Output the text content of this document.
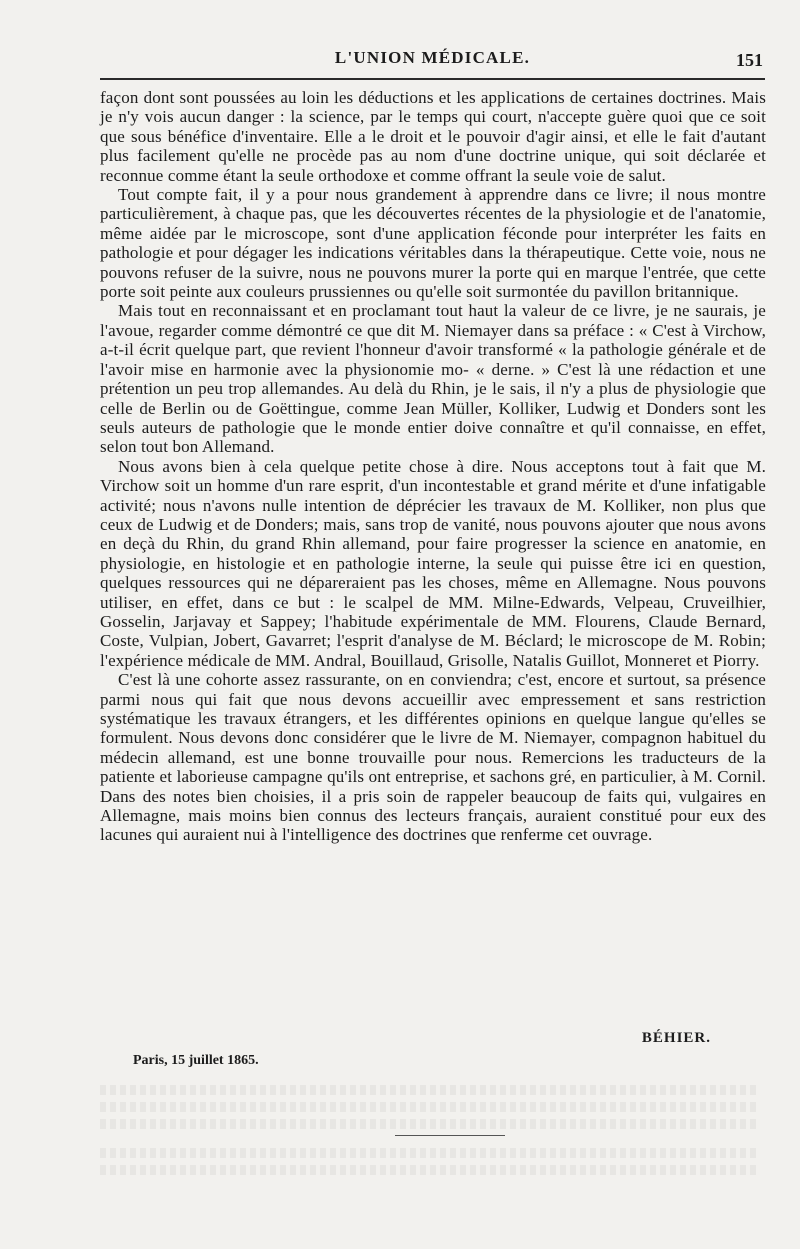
L'UNION MÉDICALE.	151

façon dont sont poussées au loin les déductions et les applications de certaines doctrines. Mais je n'y vois aucun danger : la science, par le temps qui court, n'accepte guère quoi que ce soit que sous bénéfice d'inventaire. Elle a le droit et le pouvoir d'agir ainsi, et elle le fait d'autant plus facilement qu'elle ne procède pas au nom d'une doctrine unique, qui soit déclarée et reconnue comme étant la seule orthodoxe et comme offrant la seule voie de salut.

Tout compte fait, il y a pour nous grandement à apprendre dans ce livre; il nous montre particulièrement, à chaque pas, que les découvertes récentes de la physiologie et de l'anatomie, même aidée par le microscope, sont d'une application féconde pour interpréter les faits en pathologie et pour dégager les indications véritables dans la thérapeutique. Cette voie, nous ne pouvons refuser de la suivre, nous ne pouvons murer la porte qui en marque l'entrée, que cette porte soit peinte aux couleurs prussiennes ou qu'elle soit surmontée du pavillon britannique.

Mais tout en reconnaissant et en proclamant tout haut la valeur de ce livre, je ne saurais, je l'avoue, regarder comme démontré ce que dit M. Niemayer dans sa préface : « C'est à Virchow, a-t-il écrit quelque part, que revient l'honneur d'avoir transformé « la pathologie générale et de l'avoir mise en harmonie avec la physionomie mo- « derne. » C'est là une rédaction et une prétention un peu trop allemandes. Au delà du Rhin, je le sais, il n'y a plus de physiologie que celle de Berlin ou de Goëttingue, comme Jean Müller, Kolliker, Ludwig et Donders sont les seuls auteurs de pathologie que le monde entier doive connaître et qu'il connaisse, en effet, selon tout bon Allemand.

Nous avons bien à cela quelque petite chose à dire. Nous acceptons tout à fait que M. Virchow soit un homme d'un rare esprit, d'un incontestable et grand mérite et d'une infatigable activité; nous n'avons nulle intention de déprécier les travaux de M. Kolliker, non plus que ceux de Ludwig et de Donders; mais, sans trop de vanité, nous pouvons ajouter que nous avons en deçà du Rhin, du grand Rhin allemand, pour faire progresser la science en anatomie, en physiologie, en histologie et en pathologie interne, la seule qui puisse être ici en question, quelques ressources qui ne dépareraient pas les choses, même en Allemagne. Nous pouvons utiliser, en effet, dans ce but : le scalpel de MM. Milne-Edwards, Velpeau, Cruveilhier, Gosselin, Jarjavay et Sappey; l'habitude expérimentale de MM. Flourens, Claude Bernard, Coste, Vulpian, Jobert, Gavarret; l'esprit d'analyse de M. Béclard; le microscope de M. Robin; l'expérience médicale de MM. Andral, Bouillaud, Grisolle, Natalis Guillot, Monneret et Piorry.

C'est là une cohorte assez rassurante, on en conviendra; c'est, encore et surtout, sa présence parmi nous qui fait que nous devons accueillir avec empressement et sans restriction systématique les travaux étrangers, et les différentes opinions en quelque langue qu'elles se formulent. Nous devons donc considérer que le livre de M. Niemayer, compagnon habituel du médecin allemand, est une bonne trouvaille pour nous. Remercions les traducteurs de la patiente et laborieuse campagne qu'ils ont entreprise, et sachons gré, en particulier, à M. Cornil. Dans des notes bien choisies, il a pris soin de rappeler beaucoup de faits qui, vulgaires en Allemagne, mais moins bien connus des lecteurs français, auraient constitué pour eux des lacunes qui auraient nui à l'intelligence des doctrines que renferme cet ouvrage.

BÉHIER.
Paris, 15 juillet 1865.
